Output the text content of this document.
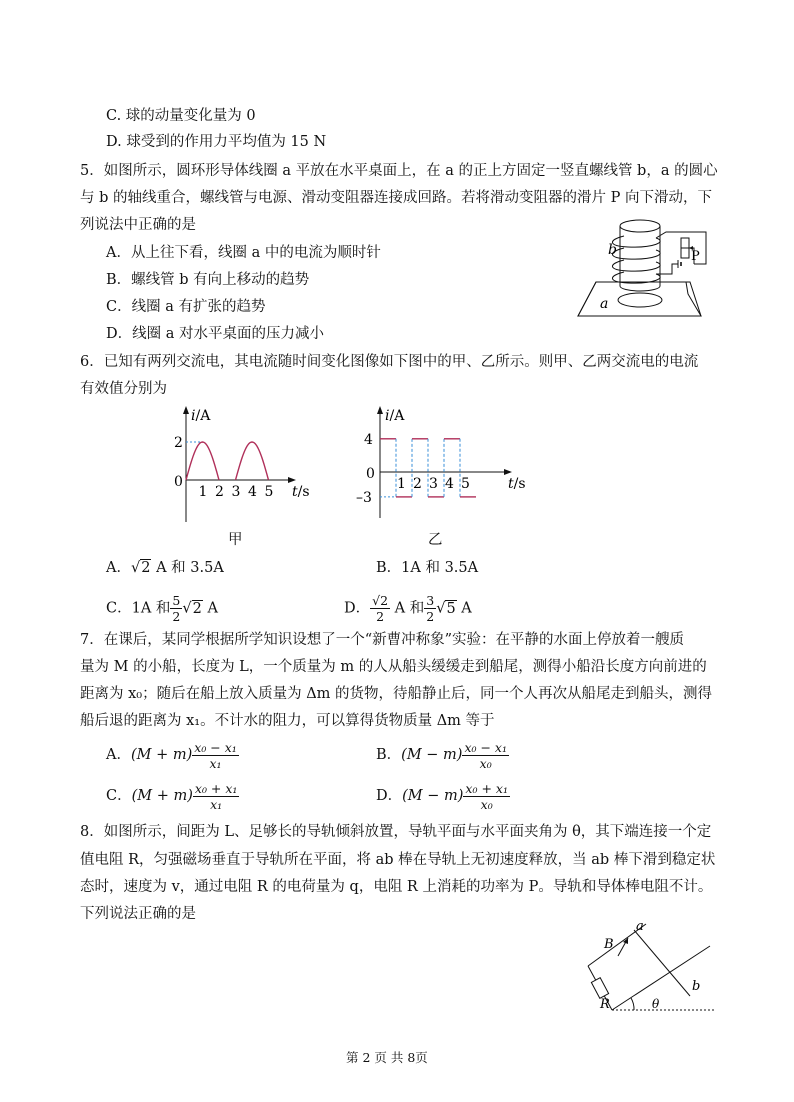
C. 球的动量变化量为 0
D. 球受到的作用力平均值为 15 N
5．如图所示，圆环形导体线圈 a 平放在水平桌面上，在 a 的正上方固定一竖直螺线管 b，a 的圆心
与 b 的轴线重合，螺线管与电源、滑动变阻器连接成回路。若将滑动变阻器的滑片 P 向下滑动，下
列说法中正确的是
A．从上往下看，线圈 a 中的电流为顺时针
B．螺线管 b 有向上移动的趋势
C．线圈 a 有扩张的趋势
D．线圈 a 对水平桌面的压力减小
b	P
a
6．已知有两列交流电，其电流随时间变化图像如下图中的甲、乙所示。则甲、乙两交流电的电流
有效值分别为
i/A
t/s
0
2
1 2 3 4 5
i/A
t/s
0
4
–3
1 2 3 4 5
甲	乙
A．√2 A 和 3.5A	B．1A 和 3.5A
C．1A 和 $\frac{5}{2} √2$ A	D． $\frac{√2}{2}$ A 和 $\frac{3}{2} √5$ A
7．在课后，某同学根据所学知识设想了一个“新曹冲称象”实验：在平静的水面上停放着一艘质
量为 M 的小船，长度为 L，一个质量为 m 的人从船头缓缓走到船尾，测得小船沿长度方向前进的
距离为 x₀；随后在船上放入质量为 Δm 的货物，待船静止后，同一个人再次从船尾走到船头，测得
船后退的距离为 x₁。不计水的阻力，可以算得货物质量 Δm 等于
A．$(M + m) \frac{\text{x₀ − x₁}}{\text{x₁}}$	B．$(M - m) \frac{\text{x₀ − x₁}}{\text{x₀}}$
C．$(M + m) \frac{\text{x₀ + x₁}}{\text{x₁}}$	D．$(M - m) \frac{\text{x₀ + x₁}}{\text{x₀}}$
8．如图所示，间距为 L、足够长的导轨倾斜放置，导轨平面与水平面夹角为 θ，其下端连接一个定
值电阻 R，匀强磁场垂直于导轨所在平面，将 ab 棒在导轨上无初速度释放，当 ab 棒下滑到稳定状
态时，速度为 v，通过电阻 R 的电荷量为 q，电阻 R 上消耗的功率为 P。导轨和导体棒电阻不计。
下列说法正确的是
a
B
R
b
θ
第 2 页 共 8页
